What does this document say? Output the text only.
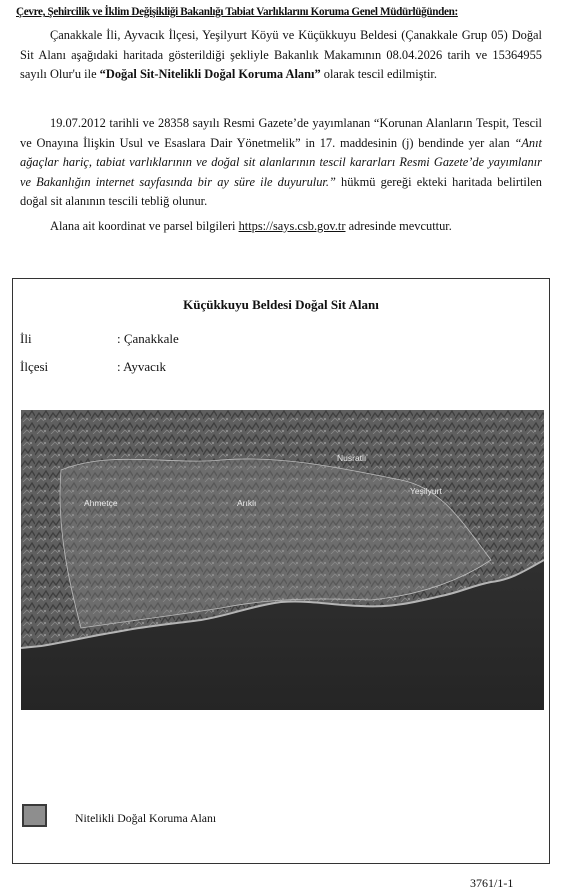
Çevre, Şehircilik ve İklim Değişikliği Bakanlığı Tabiat Varlıklarını Koruma Genel Müdürlüğünden:
Çanakkale İli, Ayvacık İlçesi, Yeşilyurt Köyü ve Küçükkuyu Beldesi (Çanakkale Grup 05) Doğal Sit Alanı aşağıdaki haritada gösterildiği şekliyle Bakanlık Makamının 08.04.2026 tarih ve 15364955 sayılı Olur'u ile “Doğal Sit-Nitelikli Doğal Koruma Alanı” olarak tescil edilmiştir.
19.07.2012 tarihli ve 28358 sayılı Resmi Gazete’de yayımlanan “Korunan Alanların Tespit, Tescil ve Onayına İlişkin Usul ve Esaslara Dair Yönetmelik” in 17. maddesinin (j) bendinde yer alan “Anıt ağaçlar hariç, tabiat varlıklarının ve doğal sit alanlarının tescil kararları Resmi Gazete’de yayımlanır ve Bakanlığın internet sayfasında bir ay süre ile duyurulur.” hükmü gereği ekteki haritada belirtilen doğal sit alanının tescili tebliğ olunur.
Alana ait koordinat ve parsel bilgileri https://says.csb.gov.tr adresinde mevcuttur.
Küçükkuyu Beldesi Doğal Sit Alanı
İli	: Çanakkale
İlçesi	: Ayvacık
Ahmetçe	Arıklı
Nusratlı
Yeşilyurt
Nitelikli Doğal Koruma Alanı
3761/1-1
